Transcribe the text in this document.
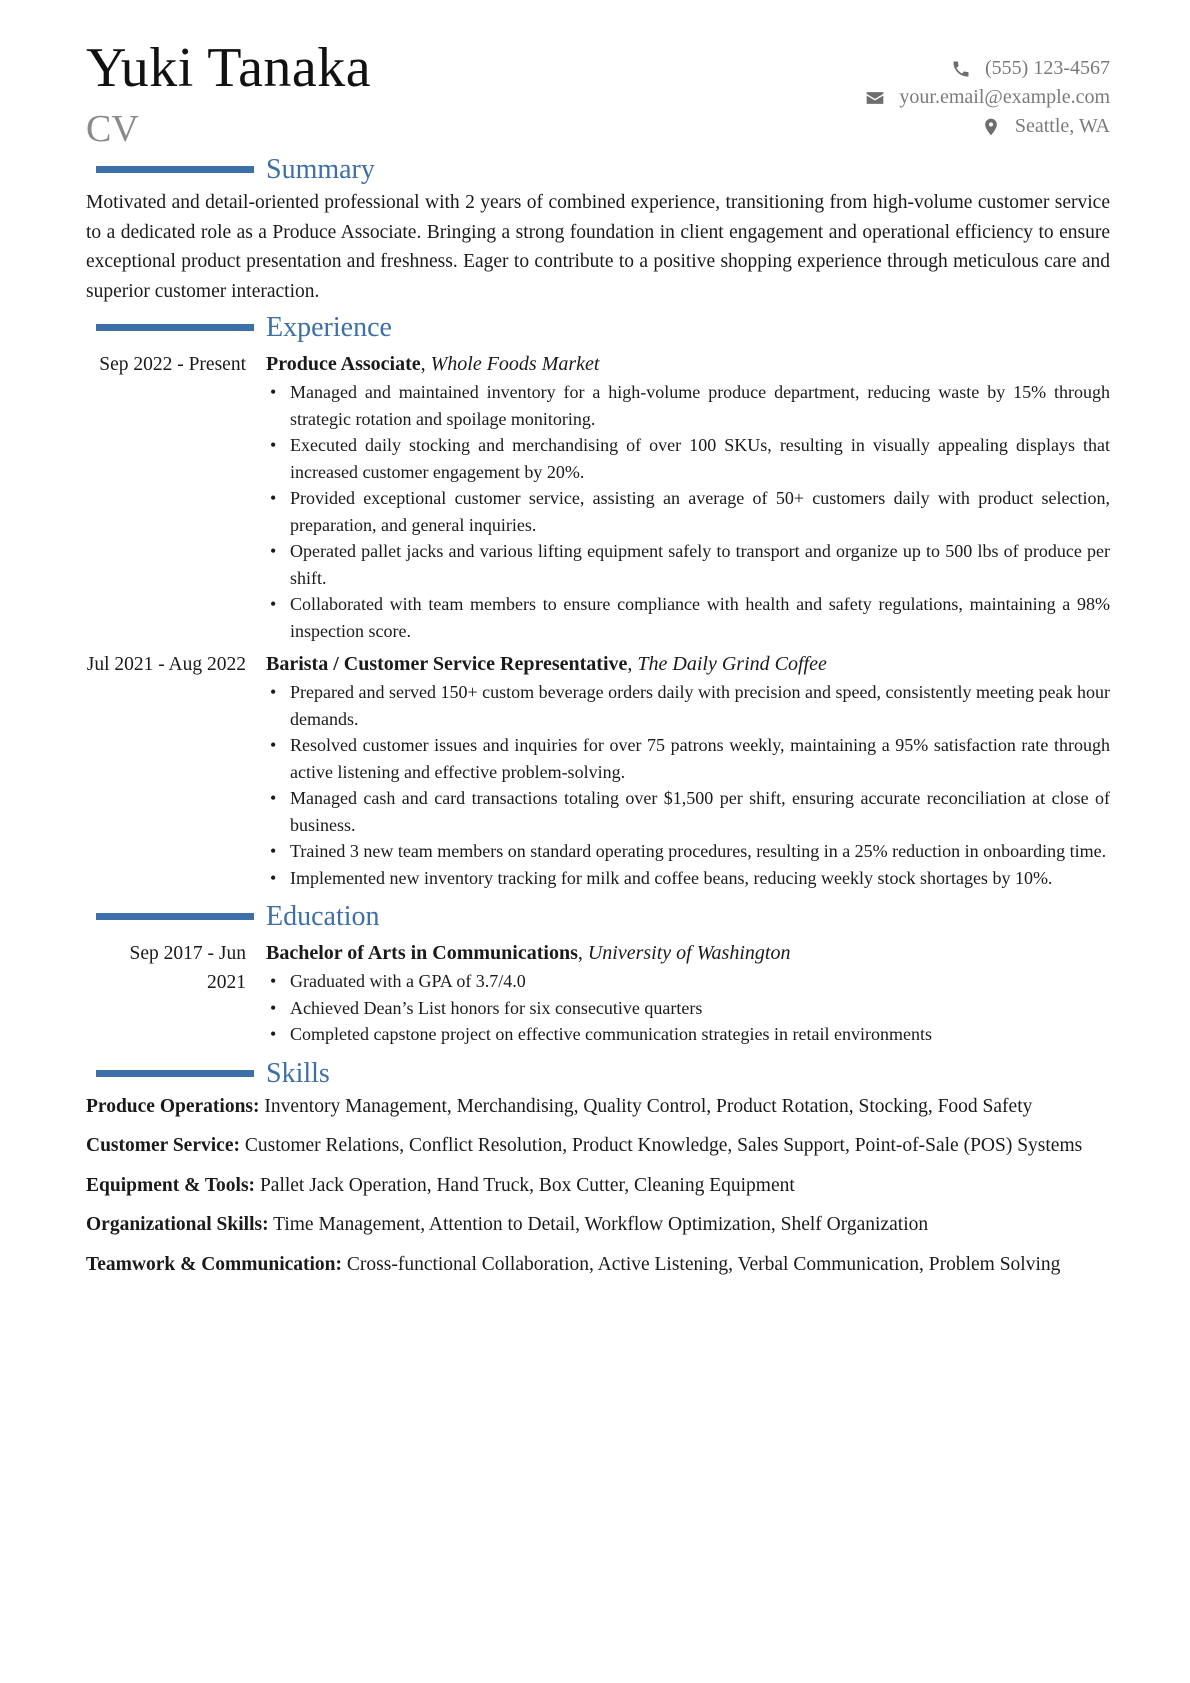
Yuki Tanaka
CV
(555) 123-4567
your.email@example.com
Seattle, WA
Summary

Motivated and detail-oriented professional with 2 years of combined experience, transitioning from high-volume customer service to a dedicated role as a Produce Associate. Bringing a strong foundation in client engagement and operational efficiency to ensure exceptional product presentation and freshness. Eager to contribute to a positive shopping experience through meticulous care and superior customer interaction.

Experience
Sep 2022 - Present Produce Associate, Whole Foods Market
• Managed and maintained inventory for a high-volume produce department, reducing waste by 15% through strategic rotation and spoilage monitoring.
• Executed daily stocking and merchandising of over 100 SKUs, resulting in visually appealing displays that increased customer engagement by 20%.
• Provided exceptional customer service, assisting an average of 50+ customers daily with product selection, preparation, and general inquiries.
• Operated pallet jacks and various lifting equipment safely to transport and organize up to 500 lbs of produce per shift.
• Collaborated with team members to ensure compliance with health and safety regulations, maintaining a 98% inspection score.
Jul 2021 - Aug 2022 Barista / Customer Service Representative, The Daily Grind Coffee
• Prepared and served 150+ custom beverage orders daily with precision and speed, consistently meeting peak hour demands.
• Resolved customer issues and inquiries for over 75 patrons weekly, maintaining a 95% satisfaction rate through active listening and effective problem-solving.
• Managed cash and card transactions totaling over $1,500 per shift, ensuring accurate reconciliation at close of business.
• Trained 3 new team members on standard operating procedures, resulting in a 25% reduction in onboarding time.
• Implemented new inventory tracking for milk and coffee beans, reducing weekly stock shortages by 10%.
Education
Sep 2017 - Jun 2021
Bachelor of Arts in Communications, University of Washington
• Graduated with a GPA of 3.7/4.0
• Achieved Dean’s List honors for six consecutive quarters
• Completed capstone project on effective communication strategies in retail environments
Skills
Produce Operations: Inventory Management, Merchandising, Quality Control, Product Rotation, Stocking, Food Safety
Customer Service: Customer Relations, Conflict Resolution, Product Knowledge, Sales Support, Point-of-Sale (POS) Systems
Equipment & Tools: Pallet Jack Operation, Hand Truck, Box Cutter, Cleaning Equipment
Organizational Skills: Time Management, Attention to Detail, Workflow Optimization, Shelf Organization
Teamwork & Communication: Cross-functional Collaboration, Active Listening, Verbal Communication, Problem Solving
